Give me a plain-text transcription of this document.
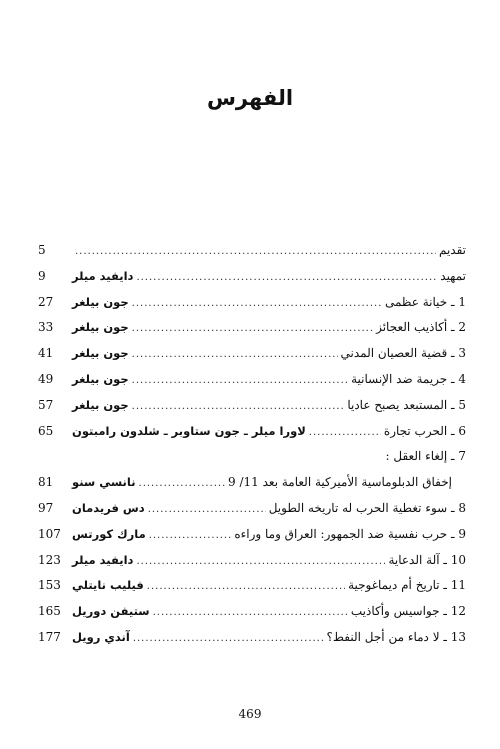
الفهرس
تقديم
.....
5
تمهيد
.....
دايفيد ميلر
9
1 ـ خيانة عظمى
.....
جون بيلغر
27
2 ـ أكاذيب العجائز
.....
جون بيلغر
33
3 ـ قضية العصيان المدني
.....
جون بيلغر
41
4 ـ جريمة ضد الإنسانية
.....
جون بيلغر
49
5 ـ المستبعد يصبح عاديا
.....
جون بيلغر
57
6 ـ الحرب تجارة
.....
لاورا ميلر ـ جون ستاوبر ـ شلدون رامبتون
65
7 ـ إلغاء العقل :
إخفاق الدبلوماسية الأميركية العامة بعد 11/ 9
.....
نانسي سنو
81
8 ـ سوء تغطية الحرب له تاريخه الطويل
.....
دس فريدمان
97
9 ـ حرب نفسية ضد الجمهور: العراق وما وراءه
.....
مارك كورتس
107
10 ـ آلة الدعاية
.....
دايفيد ميلر
123
11 ـ تاريخ أم ديماغوجية
.....
فيليب نايتلي
153
12 ـ جواسيس وأكاذيب
.....
ستيفن دوريل
165
13 ـ لا دماء من أجل النفط؟
.....
آندي رويل
177
469
